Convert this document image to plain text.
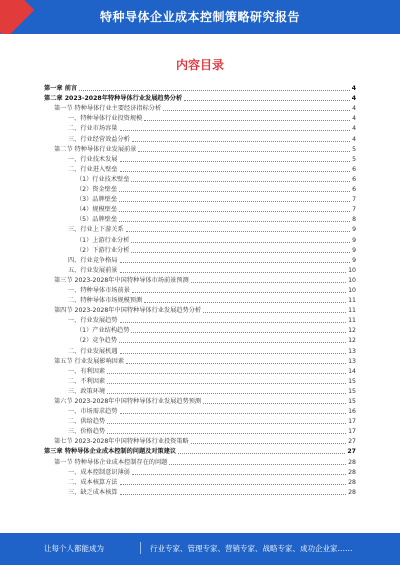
特种导体企业成本控制策略研究报告
内容目录
第一章 前言	4
第二章 2023-2028年特种导体行业发展趋势分析	4
第一节 特种导体行业主要经济指标分析	4
一、特种导体行业投资规模	4
二、行业市场容量	4
三、行业经营效益分析	4
第二节 特种导体行业发展前景	5
一、行业技术发展	5
二、行业进入壁垒	6
（1）行业技术壁垒	6
（2）资金壁垒	6
（3）品牌壁垒	7
（4）规模壁垒	7
（5）品牌壁垒	8
三、行业上下游关系	9
（1）上游行业分析	9
（2）下游行业分析	9
四、行业竞争格局	9
五、行业发展前景	10
第三节 2023-2028年中国特种导体市场前景预测	10
一、特种导体市场前景	10
二、特种导体市场规模预测	11
第四节 2023-2028年中国特种导体行业发展趋势分析	11
一、行业发展趋势	11
（1）产业结构趋势	12
（2）竞争趋势	12
二、行业发展机遇	13
第五节 行业发展影响因素	13
一、有利因素	14
二、不利因素	15
三、政策环境	15
第六节 2023-2028年中国特种导体行业发展趋势预测	15
一、市场需求趋势	16
二、供给趋势	17
三、价格趋势	17
第七节 2023-2028年中国特种导体行业投资策略	27
第三章 特种导体企业成本控制的问题及对策建议	27
第一节 特种导体企业成本控制存在的问题	28
一、成本控制意识薄弱	28
二、成本核算方法	28
三、缺乏成本核算	28
让每个人都能成为	行业专家、管理专家、营销专家、战略专家、成功企业家……
